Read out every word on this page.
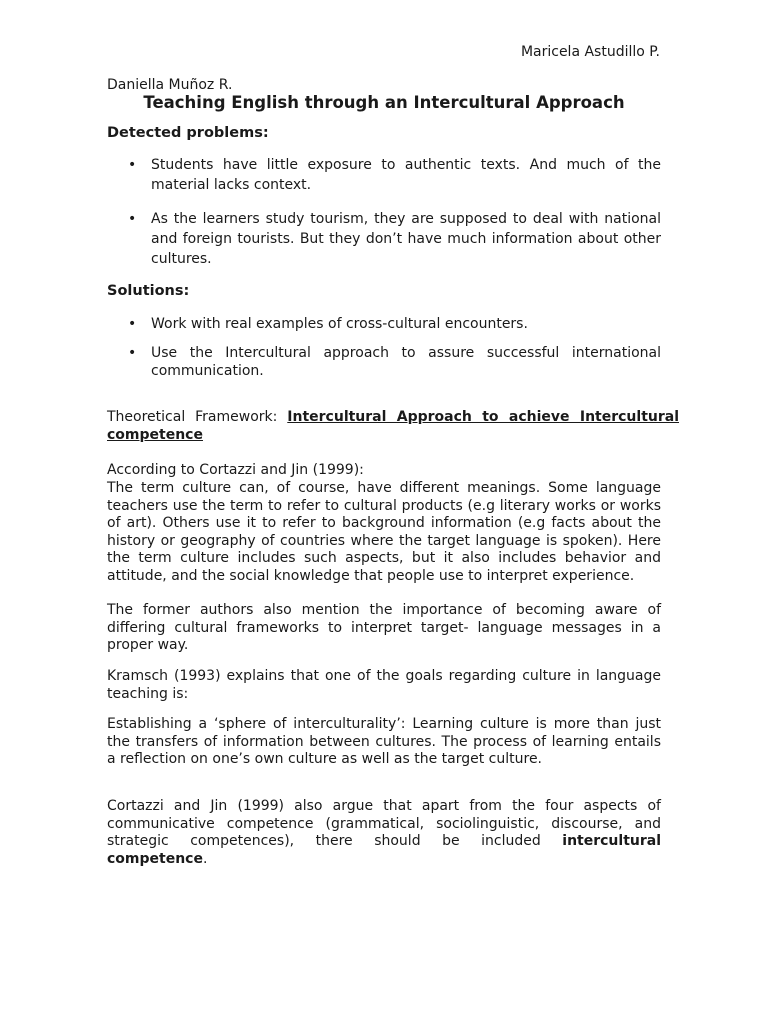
Maricela Astudillo P.

Daniella Muñoz R.

Teaching English through an Intercultural Approach
Detected problems:
• Students have little exposure to authentic texts. And much of the material lacks context.
• As the learners study tourism, they are supposed to deal with national and foreign tourists. But they don’t have much information about other cultures.
Solutions:
• Work with real examples of cross-cultural encounters.
• Use the Intercultural approach to assure successful international communication.

Theoretical Framework: Intercultural Approach to achieve Intercultural competence

According to Cortazzi and Jin (1999):

The term culture can, of course, have different meanings. Some language teachers use the term to refer to cultural products (e.g literary works or works of art). Others use it to refer to background information (e.g facts about the history or geography of countries where the target language is spoken). Here the term culture includes such aspects, but it also includes behavior and attitude, and the social knowledge that people use to interpret experience.

The former authors also mention the importance of becoming aware of differing cultural frameworks to interpret target- language messages in a proper way.

Kramsch (1993) explains that one of the goals regarding culture in language teaching is:

Establishing a ‘sphere of interculturality’: Learning culture is more than just the transfers of information between cultures. The process of learning entails a reflection on one’s own culture as well as the target culture.

Cortazzi and Jin (1999) also argue that apart from the four aspects of communicative competence (grammatical, sociolinguistic, discourse, and strategic competences), there should be included intercultural competence.
